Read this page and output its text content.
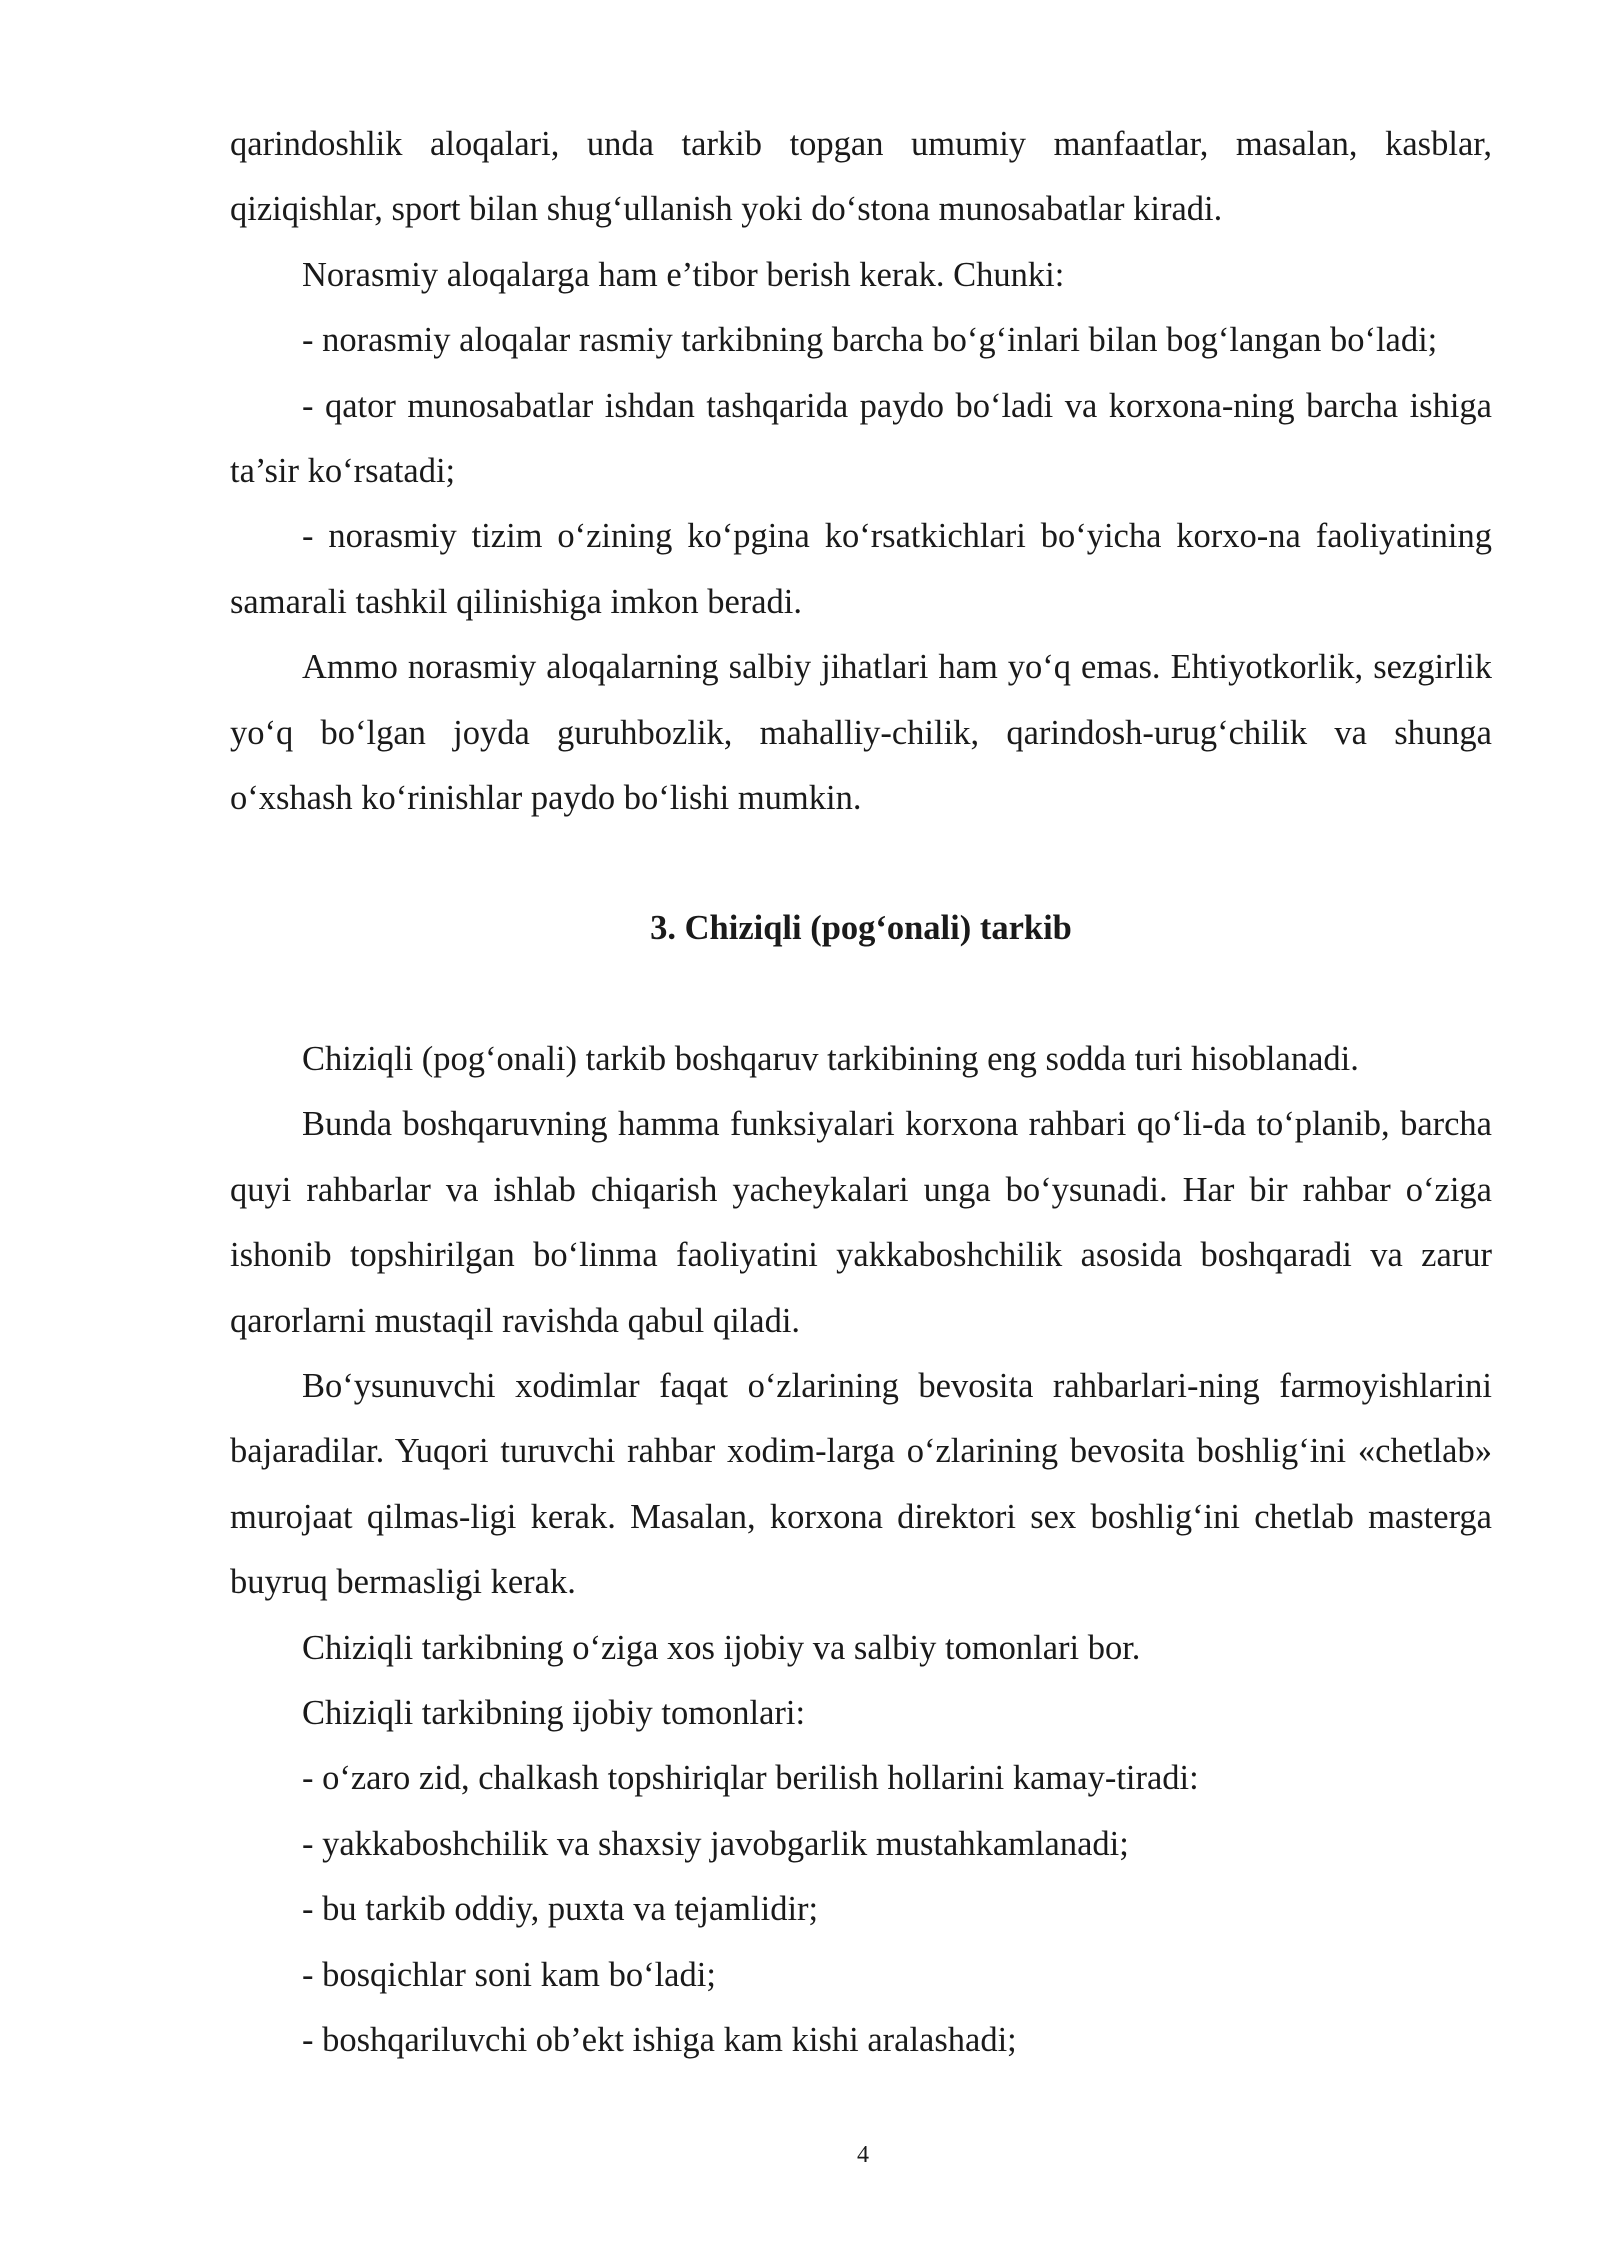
qarindoshlik aloqalari, unda tarkib topgan umumiy manfaatlar, masalan, kasblar, qiziqishlar, sport bilan shug‘ullanish yoki do‘stona munosabatlar kiradi.

Norasmiy aloqalarga ham e’tibor berish kerak. Chunki:

- norasmiy aloqalar rasmiy tarkibning barcha bo‘g‘inlari bilan bog‘langan bo‘ladi;

- qator munosabatlar ishdan tashqarida paydo bo‘ladi va korxona-ning barcha ishiga ta’sir ko‘rsatadi;

- norasmiy tizim o‘zining ko‘pgina ko‘rsatkichlari bo‘yicha korxo-na faoliyatining samarali tashkil qilinishiga imkon beradi.

Ammo norasmiy aloqalarning salbiy jihatlari ham yo‘q emas. Ehtiyotkorlik, sezgirlik yo‘q bo‘lgan joyda guruhbozlik, mahalliy-chilik, qarindosh-urug‘chilik va shunga o‘xshash ko‘rinishlar paydo bo‘lishi mumkin.

3. Chiziqli (pog‘onali) tarkib

Chiziqli (pog‘onali) tarkib boshqaruv tarkibining eng sodda turi hisoblanadi.

Bunda boshqaruvning hamma funksiyalari korxona rahbari qo‘li-da to‘planib, barcha quyi rahbarlar va ishlab chiqarish yacheykalari unga bo‘ysunadi. Har bir rahbar o‘ziga ishonib topshirilgan bo‘linma faoliyatini yakkaboshchilik asosida boshqaradi va zarur qarorlarni mustaqil ravishda qabul qiladi.

Bo‘ysunuvchi xodimlar faqat o‘zlarining bevosita rahbarlari-ning farmoyishlarini bajaradilar. Yuqori turuvchi rahbar xodim-larga o‘zlarining bevosita boshlig‘ini «chetlab» murojaat qilmas-ligi kerak. Masalan, korxona direktori sex boshlig‘ini chetlab masterga buyruq bermasligi kerak.

Chiziqli tarkibning o‘ziga xos ijobiy va salbiy tomonlari bor.

Chiziqli tarkibning ijobiy tomonlari:

- o‘zaro zid, chalkash topshiriqlar berilish hollarini kamay-tiradi:

- yakkaboshchilik va shaxsiy javobgarlik mustahkamlanadi;

- bu tarkib oddiy, puxta va tejamlidir;

- bosqichlar soni kam bo‘ladi;

- boshqariluvchi ob’ekt ishiga kam kishi aralashadi;

4
